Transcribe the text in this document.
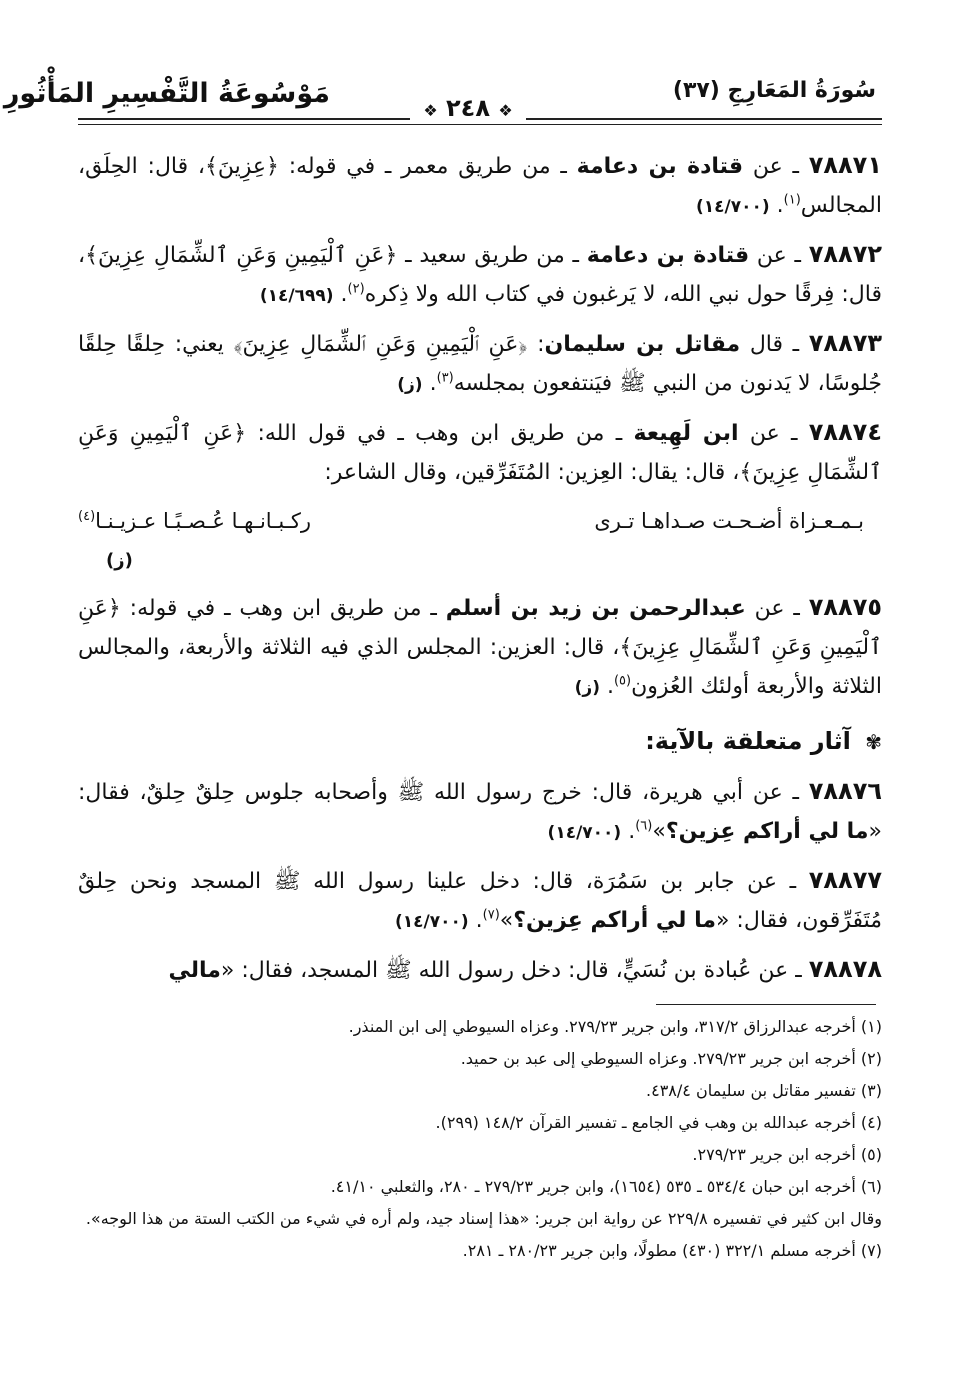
مَوْسُوعَةُ التَّفْسِيرِ المَأْثُورِ	سُورَةُ المَعَارِجِ (٣٧)
❖ ٢٤٨ ❖
٧٨٨٧١ ـ عن قتادة بن دعامة ـ من طريق معمر ـ في قوله: ﴿عِزِينَ﴾، قال: الحِلَق، المجالس$^{(١)}$. (١٤/٧٠٠)
٧٨٨٧٢ ـ عن قتادة بن دعامة ـ من طريق سعيد ـ ﴿عَنِ ٱلْيَمِينِ وَعَنِ ٱلشِّمَالِ عِزِينَ﴾، قال: فِرقًا حول نبي الله، لا يَرغبون في كتاب الله ولا ذِكره$^{(٢)}$. (١٤/٦٩٩)
٧٨٨٧٣ ـ قال مقاتل بن سليمان: ﴿عَنِ ٱلْيَمِينِ وَعَنِ ٱلشِّمَالِ عِزِينَ﴾ يعني: حِلقًا حِلقًا جُلوسًا، لا يَدنون من النبي ﷺ فيَنتفعون بمجلسه$^{(٣)}$. (ز)
٧٨٨٧٤ ـ عن ابن لَهِيعة ـ من طريق ابن وهب ـ في قول الله: ﴿عَنِ ٱلْيَمِينِ وَعَنِ ٱلشِّمَالِ عِزِينَ﴾، قال: يقال: العِزين: المُتَفَرِّقين، وقال الشاعر:
بـمـعـزاة أضـحـت صـداهـا تـرى
ركـبـانـهـا عُـصـبًـا عـزيـنـا$^{(٤)}$
(ز)
٧٨٨٧٥ ـ عن عبدالرحمن بن زيد بن أسلم ـ من طريق ابن وهب ـ في قوله: ﴿عَنِ ٱلْيَمِينِ وَعَنِ ٱلشِّمَالِ عِزِينَ﴾، قال: العزين: المجلس الذي فيه الثلاثة والأربعة، والمجالس الثلاثة والأربعة أولئك العُزون$^{(٥)}$. (ز)
✾ آثار متعلقة بالآية:
٧٨٨٧٦ ـ عن أبي هريرة، قال: خرج رسول الله ﷺ وأصحابه جلوس حِلقٌ حِلقٌ، فقال: «ما لي أراكم عِزين؟»$^{(٦)}$. (١٤/٧٠٠)
٧٨٨٧٧ ـ عن جابر بن سَمُرَة، قال: دخل علينا رسول الله ﷺ المسجد ونحن حِلقٌ مُتَفَرِّقون، فقال: «ما لي أراكم عِزين؟»$^{(٧)}$. (١٤/٧٠٠)
٧٨٨٧٨ ـ عن عُبادة بن نُسَيٍّ، قال: دخل رسول الله ﷺ المسجد، فقال: «مالي
(١) أخرجه عبدالرزاق ٣١٧/٢، وابن جرير ٢٧٩/٢٣. وعزاه السيوطي إلى ابن المنذر.
(٢) أخرجه ابن جرير ٢٧٩/٢٣. وعزاه السيوطي إلى عبد بن حميد.
(٣) تفسير مقاتل بن سليمان ٤٣٨/٤.
(٤) أخرجه عبدالله بن وهب في الجامع ـ تفسير القرآن ١٤٨/٢ (٢٩٩).
(٥) أخرجه ابن جرير ٢٧٩/٢٣.
(٦) أخرجه ابن حبان ٥٣٤/٤ ـ ٥٣٥ (١٦٥٤)، وابن جرير ٢٧٩/٢٣ ـ ٢٨٠، والثعلبي ٤١/١٠.
وقال ابن كثير في تفسيره ٢٢٩/٨ عن رواية ابن جرير: «هذا إسناد جيد، ولم أره في شيء من الكتب الستة من هذا الوجه».
(٧) أخرجه مسلم ٣٢٢/١ (٤٣٠) مطولًا، وابن جرير ٢٨٠/٢٣ ـ ٢٨١.
